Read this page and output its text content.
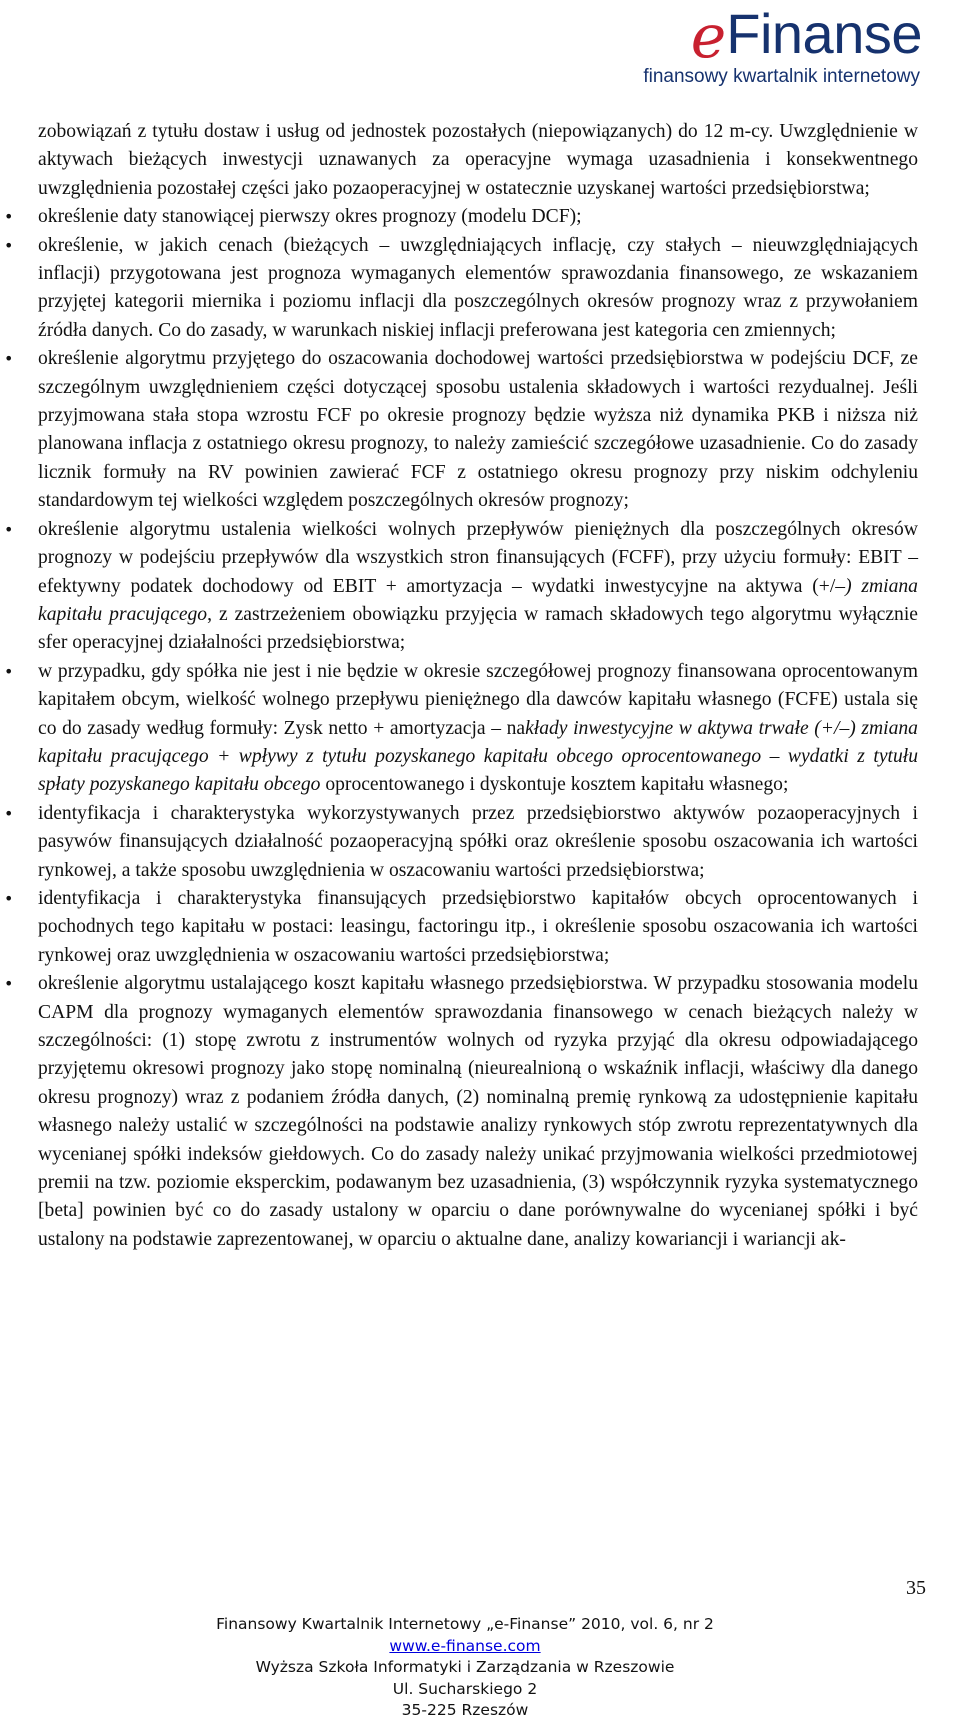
eFinanse
finansowy kwartalnik internetowy

zobowiązań z tytułu dostaw i usług od jednostek pozostałych (niepowiązanych) do 12 m-cy. Uwzględnienie w aktywach bieżących inwestycji uznawanych za operacyjne wymaga uzasadnienia i konsekwentnego uwzględnienia pozostałej części jako pozaoperacyjnej w ostatecznie uzyskanej wartości przedsiębiorstwa;

• określenie daty stanowiącej pierwszy okres prognozy (modelu DCF);
• określenie, w jakich cenach (bieżących – uwzględniających inflację, czy stałych – nieuwzględniających inflacji) przygotowana jest prognoza wymaganych elementów sprawozdania finansowego, ze wskazaniem przyjętej kategorii miernika i poziomu inflacji dla poszczególnych okresów prognozy wraz z przywołaniem źródła danych. Co do zasady, w warunkach niskiej inflacji preferowana jest kategoria cen zmiennych;
• określenie algorytmu przyjętego do oszacowania dochodowej wartości przedsiębiorstwa w podejściu DCF, ze szczególnym uwzględnieniem części dotyczącej sposobu ustalenia składowych i wartości rezydualnej. Jeśli przyjmowana stała stopa wzrostu FCF po okresie prognozy będzie wyższa niż dynamika PKB i niższa niż planowana inflacja z ostatniego okresu prognozy, to należy zamieścić szczegółowe uzasadnienie. Co do zasady licznik formuły na RV powinien zawierać FCF z ostatniego okresu prognozy przy niskim odchyleniu standardowym tej wielkości względem poszczególnych okresów prognozy;
• określenie algorytmu ustalenia wielkości wolnych przepływów pieniężnych dla poszczególnych okresów prognozy w podejściu przepływów dla wszystkich stron finansujących (FCFF), przy użyciu formuły: EBIT – efektywny podatek dochodowy od EBIT + amortyzacja – wydatki inwestycyjne na aktywa (+/–) zmiana kapitału pracującego, z zastrzeżeniem obowiązku przyjęcia w ramach składowych tego algorytmu wyłącznie sfer operacyjnej działalności przedsiębiorstwa;
• w przypadku, gdy spółka nie jest i nie będzie w okresie szczegółowej prognozy finansowana oprocentowanym kapitałem obcym, wielkość wolnego przepływu pieniężnego dla dawców kapitału własnego (FCFE) ustala się co do zasady według formuły: Zysk netto + amortyzacja – nakłady inwestycyjne w aktywa trwałe (+/–) zmiana kapitału pracującego + wpływy z tytułu pozyskanego kapitału obcego oprocentowanego – wydatki z tytułu spłaty pozyskanego kapitału obcego oprocentowanego i dyskontuje kosztem kapitału własnego;
• identyfikacja i charakterystyka wykorzystywanych przez przedsiębiorstwo aktywów pozaoperacyjnych i pasywów finansujących działalność pozaoperacyjną spółki oraz określenie sposobu oszacowania ich wartości rynkowej, a także sposobu uwzględnienia w oszacowaniu wartości przedsiębiorstwa;
• identyfikacja i charakterystyka finansujących przedsiębiorstwo kapitałów obcych oprocentowanych i pochodnych tego kapitału w postaci: leasingu, factoringu itp., i określenie sposobu oszacowania ich wartości rynkowej oraz uwzględnienia w oszacowaniu wartości przedsiębiorstwa;
• określenie algorytmu ustalającego koszt kapitału własnego przedsiębiorstwa. W przypadku stosowania modelu CAPM dla prognozy wymaganych elementów sprawozdania finansowego w cenach bieżących należy w szczególności: (1) stopę zwrotu z instrumentów wolnych od ryzyka przyjąć dla okresu odpowiadającego przyjętemu okresowi prognozy jako stopę nominalną (nieurealnioną o wskaźnik inflacji, właściwy dla danego okresu prognozy) wraz z podaniem źródła danych, (2) nominalną premię rynkową za udostępnienie kapitału własnego należy ustalić w szczególności na podstawie analizy rynkowych stóp zwrotu reprezentatywnych dla wycenianej spółki indeksów giełdowych. Co do zasady należy unikać przyjmowania wielkości przedmiotowej premii na tzw. poziomie eksperckim, podawanym bez uzasadnienia, (3) współczynnik ryzyka systematycznego [beta] powinien być co do zasady ustalony w oparciu o dane porównywalne do wycenianej spółki i być ustalony na podstawie zaprezentowanej, w oparciu o aktualne dane, analizy kowariancji i wariancji ak-
35
Finansowy Kwartalnik Internetowy „e-Finanse” 2010, vol. 6, nr 2
www.e-finanse.com
Wyższa Szkoła Informatyki i Zarządzania w Rzeszowie
Ul. Sucharskiego 2
35-225 Rzeszów
